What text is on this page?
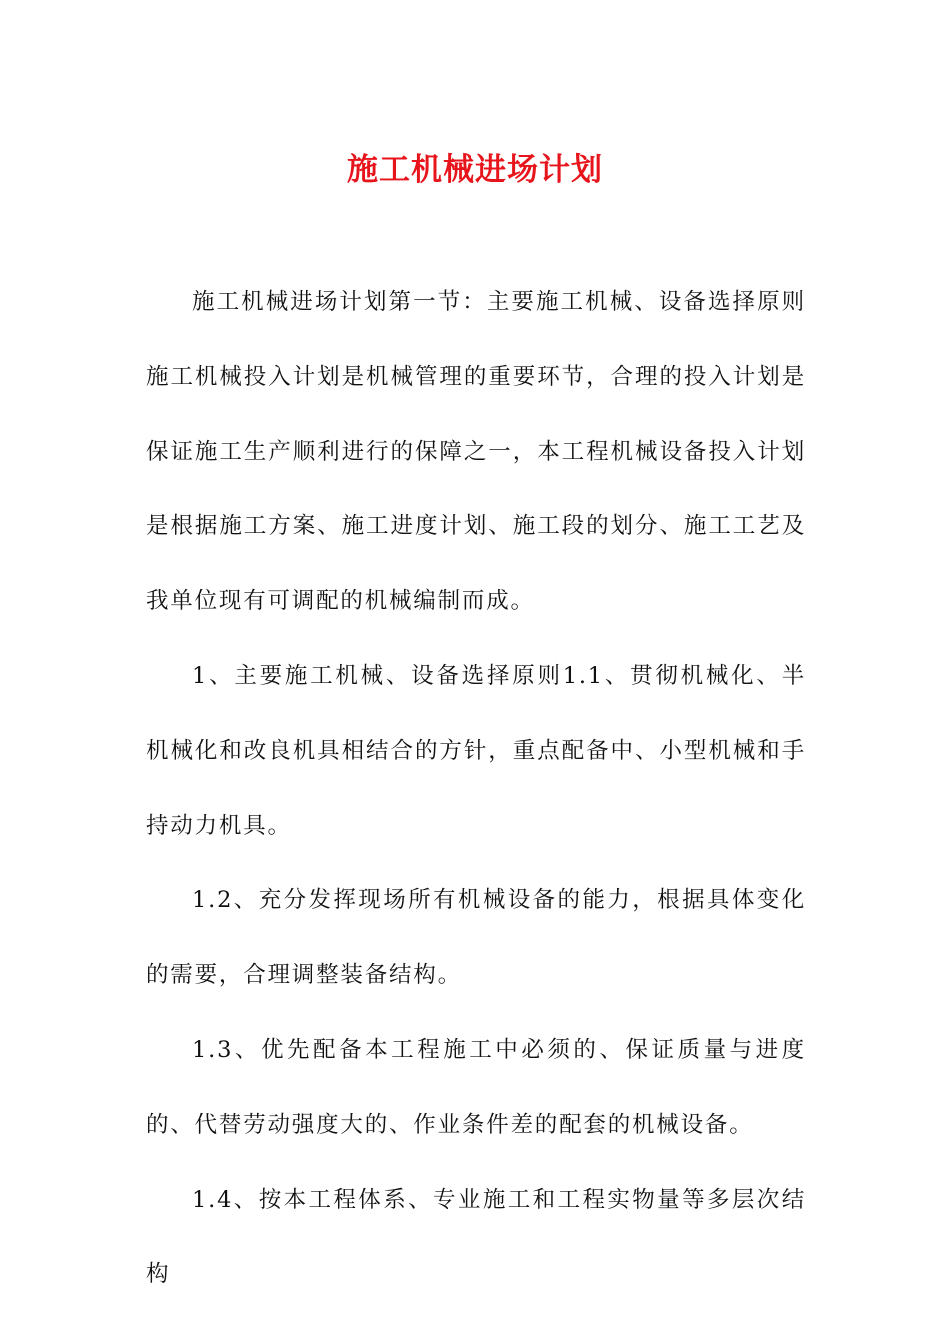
施工机械进场计划

施工机械进场计划第一节：主要施工机械、设备选择原则施工机械投入计划是机械管理的重要环节，合理的投入计划是保证施工生产顺利进行的保障之一，本工程机械设备投入计划是根据施工方案、施工进度计划、施工段的划分、施工工艺及我单位现有可调配的机械编制而成。

1、主要施工机械、设备选择原则1.1、贯彻机械化、半机械化和改良机具相结合的方针，重点配备中、小型机械和手持动力机具。

1.2、充分发挥现场所有机械设备的能力，根据具体变化的需要，合理调整装备结构。

1.3、优先配备本工程施工中必须的、保证质量与进度的、代替劳动强度大的、作业条件差的配套的机械设备。

1.4、按本工程体系、专业施工和工程实物量等多层次结构
